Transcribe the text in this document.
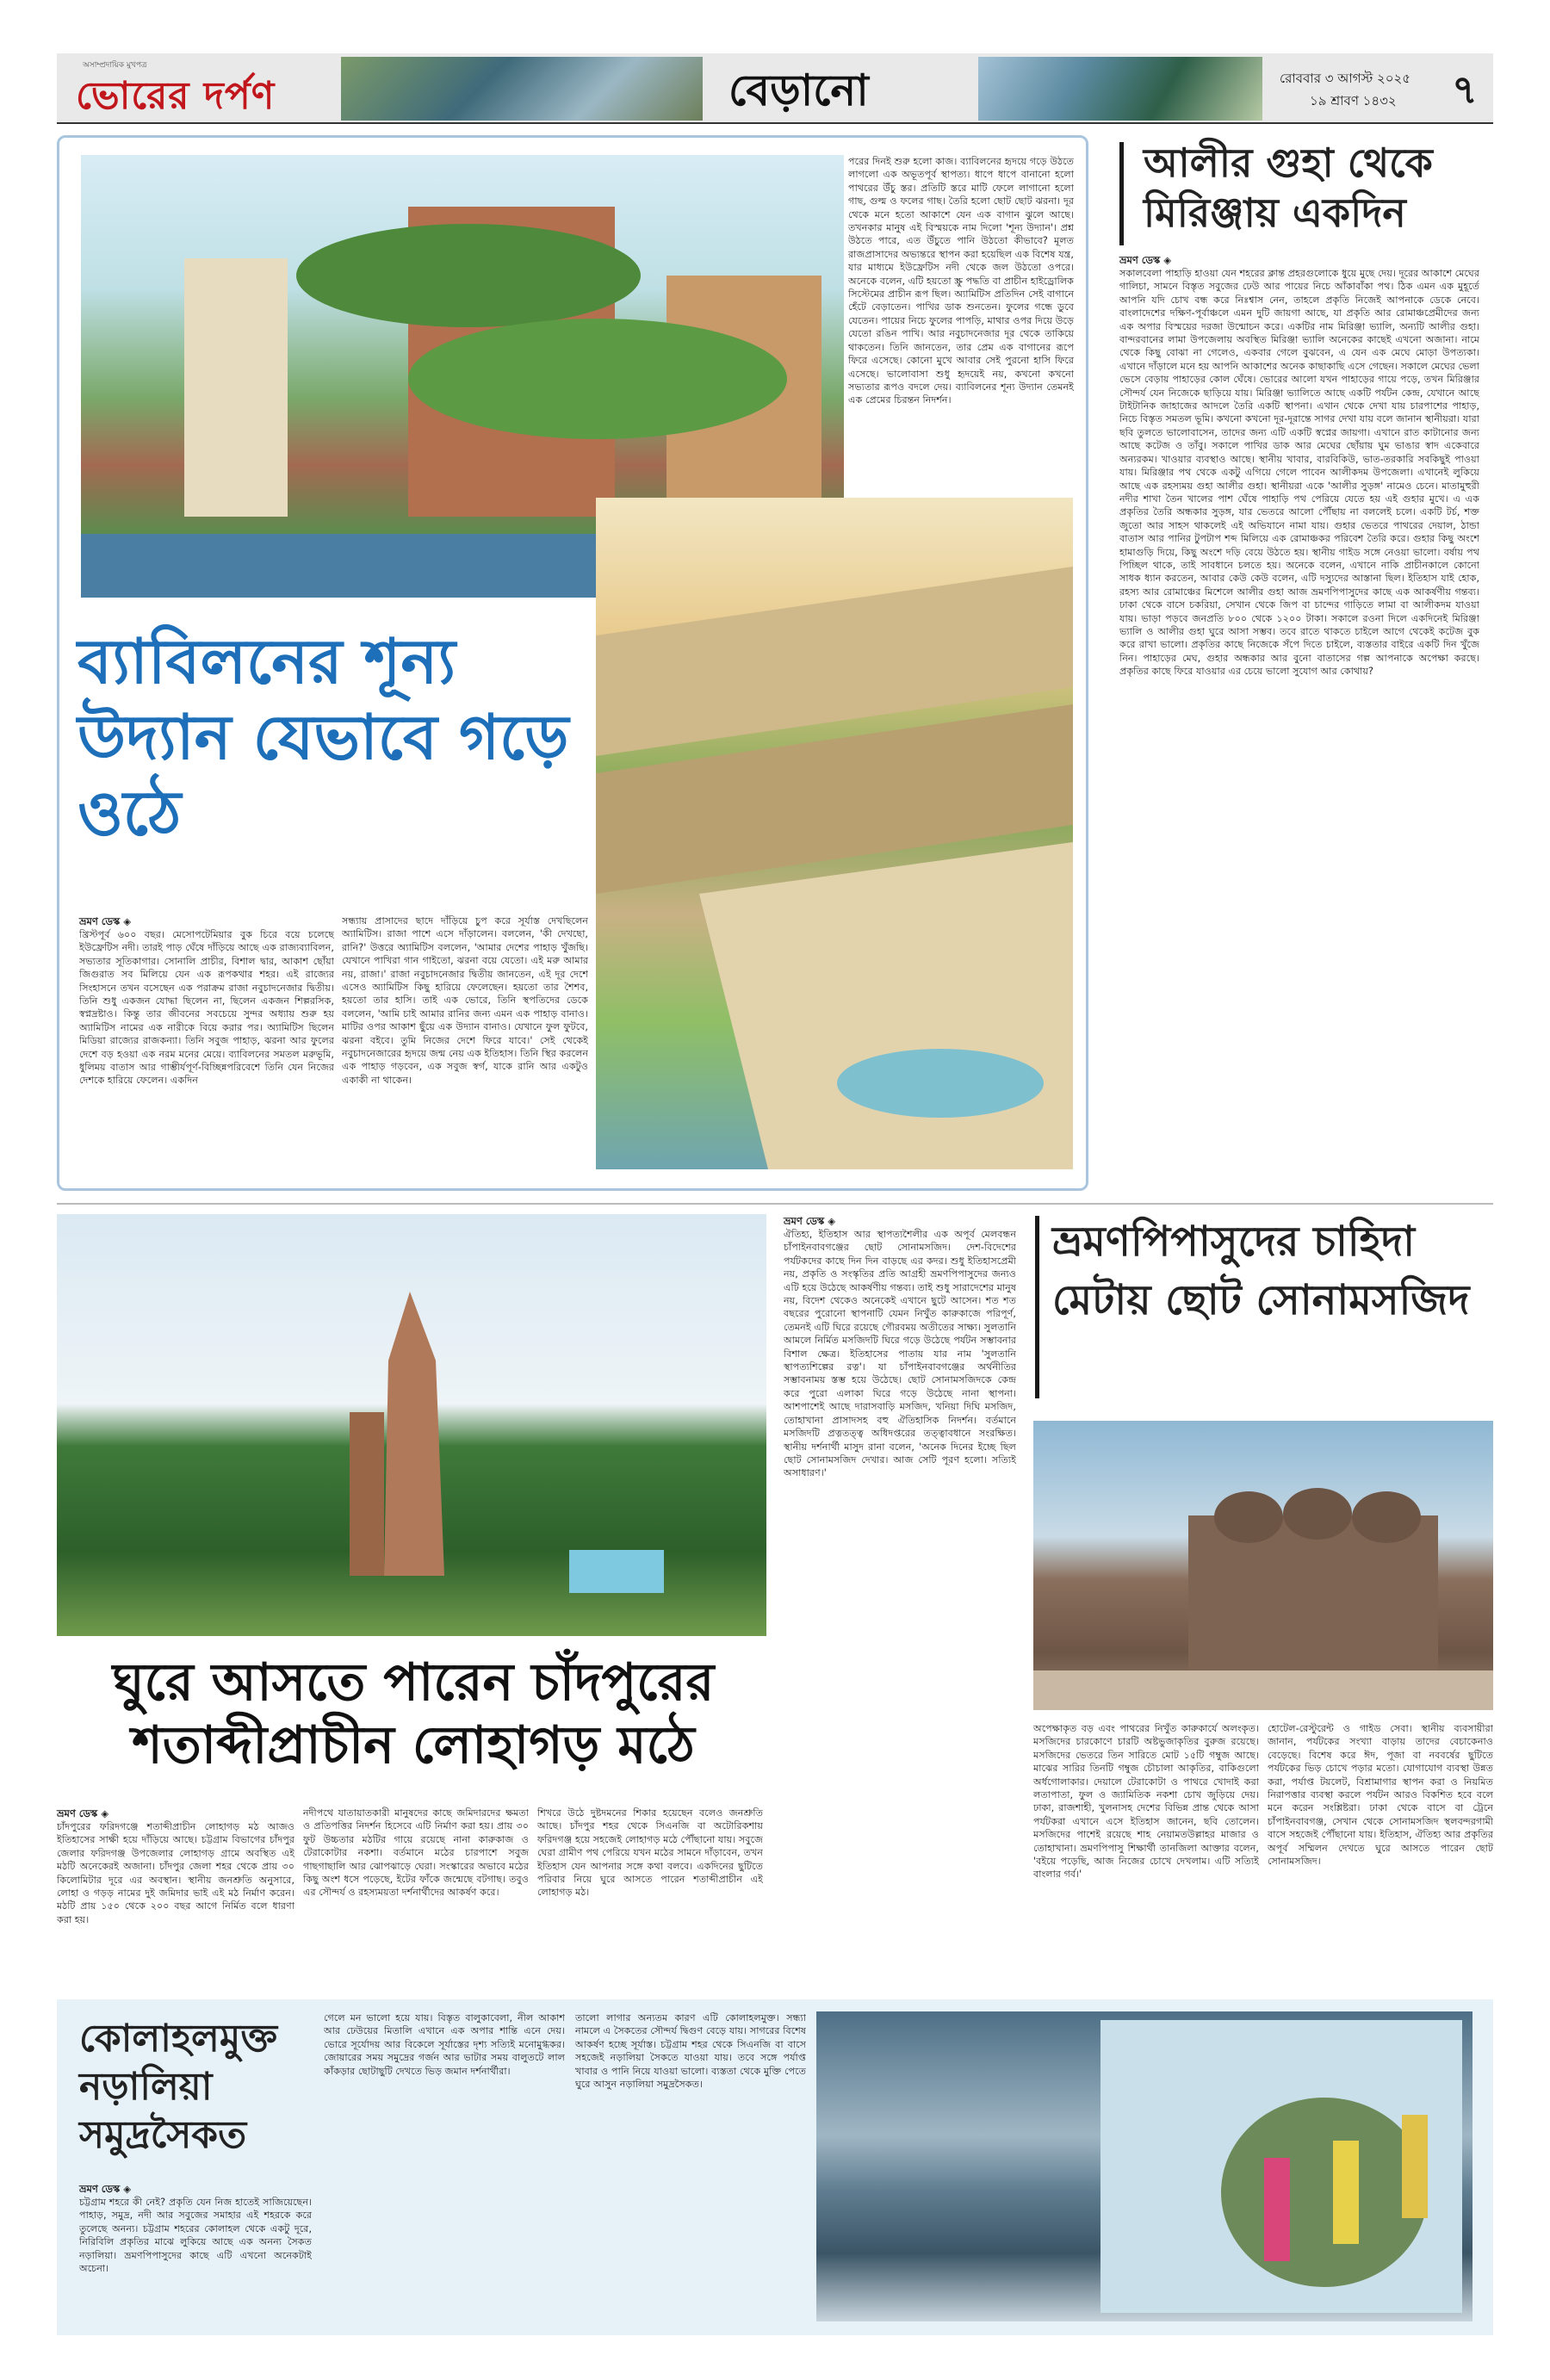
অসাম্প্রদায়িক মুখপত্র
ভোরের দর্পণ	বেড়ানো	রোববার ৩ আগস্ট ২০২৫
১৯ শ্রাবণ ১৪৩২ ৭
পরের দিনই শুরু হলো কাজ। ব্যাবিলনের হৃদয়ে গড়ে উঠতে লাগলো এক অভূতপূর্ব স্থাপত্য। ধাপে ধাপে বানানো হলো পাথরের উঁচু স্তর। প্রতিটি স্তরে মাটি ফেলে লাগানো হলো গাছ, গুল্ম ও ফলের গাছ। তৈরি হলো ছোট ছোট ঝরনা। দূর থেকে মনে হতো আকাশে যেন এক বাগান ঝুলে আছে। তখনকার মানুষ এই বিস্ময়কে নাম দিলো 'শূন্য উদ্যান'। প্রশ্ন উঠতে পারে, এত উঁচুতে পানি উঠতো কীভাবে? মূলত রাজপ্রাসাদের অভ্যন্তরে স্থাপন করা হয়েছিল এক বিশেষ যন্ত্র, যার মাধ্যমে ইউফ্রেটিস নদী থেকে জল উঠতো ওপরে। অনেকে বলেন, এটি হয়তো স্ক্রু পদ্ধতি বা প্রাচীন হাইড্রোলিক সিস্টেমের প্রাচীন রূপ ছিল। অ্যামিটিস প্রতিদিন সেই বাগানে হেঁটে বেড়াতেন। পাখির ডাক শুনতেন। ফুলের গন্ধে ডুবে যেতেন। পায়ের নিচে ফুলের পাপড়ি, মাথার ওপর দিয়ে উড়ে যেতো রঙিন পাখি। আর নবুচাদনেজার দূর থেকে তাকিয়ে থাকতেন। তিনি জানতেন, তার প্রেম এক বাগানের রূপে ফিরে এসেছে। কোনো মুখে আবার সেই পুরনো হাসি ফিরে এসেছে। ভালোবাসা শুধু হৃদয়েই নয়, কখনো কখনো সভ্যতার রূপও বদলে দেয়। ব্যাবিলনের শূন্য উদ্যান তেমনই এক প্রেমের চিরন্তন নিদর্শন।
ব্যাবিলনের শূন্য উদ্যান যেভাবে গড়ে ওঠে
ভ্রমণ ডেস্ক ◈
খ্রিস্টপূর্ব ৬০০ বছর। মেসোপটেমিয়ার বুক চিরে বয়ে চলেছে ইউফ্রেটিস নদী। তারই পাড় ঘেঁষে দাঁড়িয়ে আছে এক রাজ্যব্যাবিলন, সভ্যতার সূতিকাগার। সোনালি প্রাচীর, বিশাল দ্বার, আকাশ ছোঁয়া জিগুরাত সব মিলিয়ে যেন এক রূপকথার শহর। এই রাজ্যের সিংহাসনে তখন বসেছেন এক পরাক্রম রাজা নবুচাদনেজার দ্বিতীয়। তিনি শুধু একজন যোদ্ধা ছিলেন না, ছিলেন একজন শিল্পরসিক, স্বপ্নদ্রষ্টাও। কিন্তু তার জীবনের সবচেয়ে সুন্দর অধ্যায় শুরু হয় অ্যামিটিস নামের এক নারীকে বিয়ে করার পর। অ্যামিটিস ছিলেন মিডিয়া রাজ্যের রাজকন্যা। তিনি সবুজ পাহাড়, ঝরনা আর ফুলের দেশে বড় হওয়া এক নরম মনের মেয়ে। ব্যাবিলনের সমতল মরুভূমি, ধুলিময় বাতাস আর গাম্ভীর্যপূর্ণ-বিচ্ছিন্নপরিবেশে তিনি যেন নিজের দেশকে হারিয়ে ফেলেন। একদিন
সন্ধ্যায় প্রাসাদের ছাদে দাঁড়িয়ে চুপ করে সূর্যাস্ত দেখছিলেন অ্যামিটিস। রাজা পাশে এসে দাঁড়ালেন। বললেন, 'কী দেখছো, রানি?' উত্তরে অ্যামিটিস বললেন, 'আমার দেশের পাহাড় খুঁজছি। যেখানে পাখিরা গান গাইতো, ঝরনা বয়ে যেতো। এই মরু আমার নয়, রাজা।' রাজা নবুচাদনেজার দ্বিতীয় জানতেন, এই দূর দেশে এসেও অ্যামিটিস কিছু হারিয়ে ফেলেছেন। হয়তো তার শৈশব, হয়তো তার হাসি। তাই এক ভোরে, তিনি স্থপতিদের ডেকে বললেন, 'আমি চাই আমার রানির জন্য এমন এক পাহাড় বানাও। মাটির ওপর আকাশ ছুঁয়ে এক উদ্যান বানাও। যেখানে ফুল ফুটবে, ঝরনা বইবে। তুমি নিজের দেশে ফিরে যাবে।' সেই থেকেই নবুচাদনেজারের হৃদয়ে জন্ম নেয় এক ইতিহাস। তিনি স্থির করলেন এক পাহাড় গড়বেন, এক সবুজ স্বর্গ, যাকে রানি আর একটুও একাকী না থাকেন।
আলীর গুহা থেকে মিরিঞ্জায় একদিন
ভ্রমণ ডেস্ক ◈
সকালবেলা পাহাড়ি হাওয়া যেন শহরের ক্লান্ত প্রহরগুলোকে ধুয়ে মুছে দেয়। দূরের আকাশে মেঘের গালিচা, সামনে বিস্তৃত সবুজের ঢেউ আর পায়ের নিচে আঁকাবাঁকা পথ। ঠিক এমন এক মুহূর্তে আপনি যদি চোখ বন্ধ করে নিঃশ্বাস নেন, তাহলে প্রকৃতি নিজেই আপনাকে ডেকে নেবে। বাংলাদেশের দক্ষিণ-পূর্বাঞ্চলে এমন দুটি জায়গা আছে, যা প্রকৃতি আর রোমাঞ্চপ্রেমীদের জন্য এক অপার বিস্ময়ের দরজা উন্মোচন করে। একটির নাম মিরিঞ্জা ভ্যালি, অন্যটি আলীর গুহা। বান্দরবানের লামা উপজেলায় অবস্থিত মিরিঞ্জা ভ্যালি অনেকের কাছেই এখনো অজানা। নামে থেকে কিছু বোঝা না গেলেও, একবার গেলে বুঝবেন, এ যেন এক মেঘে মোড়া উপত্যকা। এখানে দাঁড়ালে মনে হয় আপনি আকাশের অনেক কাছাকাছি এসে গেছেন। সকালে মেঘের ভেলা ভেসে বেড়ায় পাহাড়ের কোল ঘেঁষে। ভোরের আলো যখন পাহাড়ের গায়ে পড়ে, তখন মিরিঞ্জার সৌন্দর্য যেন নিজেকে ছাড়িয়ে যায়। মিরিঞ্জা ভ্যালিতে আছে একটি পর্যটন কেন্দ্র, যেখানে আছে টাইটানিক জাহাজের আদলে তৈরি একটি স্থাপনা। এখান থেকে দেখা যায় চারপাশের পাহাড়, নিচে বিস্তৃত সমতল ভূমি। কখনো কখনো দূর-দূরান্তে সাগর দেখা যায় বলে জানান স্থানীয়রা। যারা ছবি তুলতে ভালোবাসেন, তাদের জন্য এটি একটি স্বপ্নের জায়গা। এখানে রাত কাটানোর জন্য আছে কটেজ ও তাঁবু। সকালে পাখির ডাক আর মেঘের ছোঁয়ায় ঘুম ভাঙার স্বাদ একেবারে অন্যরকম। খাওয়ার ব্যবস্থাও আছে। স্থানীয় খাবার, বারবিকিউ, ভাত-তরকারি সবকিছুই পাওয়া যায়। মিরিঞ্জার পথ থেকে একটু এগিয়ে গেলে পাবেন আলীকদম উপজেলা। এখানেই লুকিয়ে আছে এক রহস্যময় গুহা আলীর গুহা। স্থানীয়রা একে 'আলীর সুড়ঙ্গ' নামেও চেনে। মাতামুহুরী নদীর শাখা তৈন খালের পাশ ঘেঁষে পাহাড়ি পথ পেরিয়ে যেতে হয় এই গুহার মুখে। এ এক প্রকৃতির তৈরি অন্ধকার সুড়ঙ্গ, যার ভেতরে আলো পৌঁছায় না বললেই চলে। একটি টর্চ, শক্ত জুতো আর সাহস থাকলেই এই অভিযানে নামা যায়। গুহার ভেতরে পাথরের দেয়াল, ঠান্ডা বাতাস আর পানির টুপটাপ শব্দ মিলিয়ে এক রোমাঞ্চকর পরিবেশ তৈরি করে। গুহার কিছু অংশে হামাগুড়ি দিয়ে, কিছু অংশে দড়ি বেয়ে উঠতে হয়। স্থানীয় গাইড সঙ্গে নেওয়া ভালো। বর্ষায় পথ পিচ্ছিল থাকে, তাই সাবধানে চলতে হয়। অনেকে বলেন, এখানে নাকি প্রাচীনকালে কোনো সাধক ধ্যান করতেন, আবার কেউ কেউ বলেন, এটি দস্যুদের আস্তানা ছিল। ইতিহাস যাই হোক, রহস্য আর রোমাঞ্চের মিশেলে আলীর গুহা আজ ভ্রমণপিপাসুদের কাছে এক আকর্ষণীয় গন্তব্য। ঢাকা থেকে বাসে চকরিয়া, সেখান থেকে জিপ বা চান্দের গাড়িতে লামা বা আলীকদম যাওয়া যায়। ভাড়া পড়বে জনপ্রতি ৮০০ থেকে ১২০০ টাকা। সকালে রওনা দিলে একদিনেই মিরিঞ্জা ভ্যালি ও আলীর গুহা ঘুরে আসা সম্ভব। তবে রাতে থাকতে চাইলে আগে থেকেই কটেজ বুক করে রাখা ভালো। প্রকৃতির কাছে নিজেকে সঁপে দিতে চাইলে, ব্যস্ততার বাইরে একটি দিন খুঁজে নিন। পাহাড়ের মেঘ, গুহার অন্ধকার আর বুনো বাতাসের গল্প আপনাকে অপেক্ষা করছে। প্রকৃতির কাছে ফিরে যাওয়ার এর চেয়ে ভালো সুযোগ আর কোথায়?
ঘুরে আসতে পারেন চাঁদপুরের শতাব্দীপ্রাচীন লোহাগড় মঠে
ভ্রমণ ডেস্ক ◈
চাঁদপুরের ফরিদগঞ্জে শতাব্দীপ্রাচীন লোহাগড় মঠ আজও ইতিহাসের সাক্ষী হয়ে দাঁড়িয়ে আছে। চট্টগ্রাম বিভাগের চাঁদপুর জেলার ফরিদগঞ্জ উপজেলার লোহাগড় গ্রামে অবস্থিত এই মঠটি অনেকেরই অজানা। চাঁদপুর জেলা শহর থেকে প্রায় ৩০ কিলোমিটার দূরে এর অবস্থান। স্থানীয় জনশ্রুতি অনুসারে, লোহা ও গড়ড় নামের দুই জমিদার ভাই এই মঠ নির্মাণ করেন। মঠটি প্রায় ১৫০ থেকে ২০০ বছর আগে নির্মিত বলে ধারণা করা হয়।
নদীপথে যাতায়াতকারী মানুষদের কাছে জমিদারদের ক্ষমতা ও প্রতিপত্তির নিদর্শন হিসেবে এটি নির্মাণ করা হয়। প্রায় ৩০ ফুট উচ্চতার মঠটির গায়ে রয়েছে নানা কারুকাজ ও টেরাকোটার নকশা। বর্তমানে মঠের চারপাশে সবুজ গাছগাছালি আর ঝোপঝাড়ে ঘেরা। সংস্কারের অভাবে মঠের কিছু অংশ ধসে পড়েছে, ইটের ফাঁকে জন্মেছে বটগাছ। তবুও এর সৌন্দর্য ও রহস্যময়তা দর্শনার্থীদের আকর্ষণ করে।
শিখরে উঠে দুষ্টদমনের শিকার হয়েছেন বলেও জনশ্রুতি আছে। চাঁদপুর শহর থেকে সিএনজি বা অটোরিকশায় ফরিদগঞ্জ হয়ে সহজেই লোহাগড় মঠে পৌঁছানো যায়। সবুজে ঘেরা গ্রামীণ পথ পেরিয়ে যখন মঠের সামনে দাঁড়াবেন, তখন ইতিহাস যেন আপনার সঙ্গে কথা বলবে। একদিনের ছুটিতে পরিবার নিয়ে ঘুরে আসতে পারেন শতাব্দীপ্রাচীন এই লোহাগড় মঠ।
ভ্রমণ ডেস্ক ◈
ঐতিহ্য, ইতিহাস আর স্থাপত্যশৈলীর এক অপূর্ব মেলবন্ধন চাঁপাইনবাবগঞ্জের ছোট সোনামসজিদ। দেশ-বিদেশের পর্যটকদের কাছে দিন দিন বাড়ছে এর কদর। শুধু ইতিহাসপ্রেমী নয়, প্রকৃতি ও সংস্কৃতির প্রতি আগ্রহী ভ্রমণপিপাসুদের জন্যও এটি হয়ে উঠেছে আকর্ষণীয় গন্তব্য। তাই শুধু সারাদেশের মানুষ নয়, বিদেশ থেকেও অনেকেই এখানে ছুটে আসেন। শত শত বছরের পুরোনো স্থাপনাটি যেমন নিখুঁত কারুকাজে পরিপূর্ণ, তেমনই এটি ঘিরে রয়েছে গৌরবময় অতীতের সাক্ষ্য। সুলতানি আমলে নির্মিত মসজিদটি ঘিরে গড়ে উঠেছে পর্যটন সম্ভাবনার বিশাল ক্ষেত্র। ইতিহাসের পাতায় যার নাম 'সুলতানি স্থাপত্যশিল্পের রত্ন'। যা চাঁপাইনবাবগঞ্জের অর্থনীতির সম্ভাবনাময় স্তম্ভ হয়ে উঠেছে। ছোট সোনামসজিদকে কেন্দ্র করে পুরো এলাকা ঘিরে গড়ে উঠেছে নানা স্থাপনা। আশপাশেই আছে দারাসবাড়ি মসজিদ, খনিয়া দিঘি মসজিদ, তোহাখানা প্রাসাদসহ বহু ঐতিহাসিক নিদর্শন। বর্তমানে মসজিদটি প্রত্নতত্ত্ব অধিদপ্তরের তত্ত্বাবধানে সংরক্ষিত। স্থানীয় দর্শনার্থী মাসুদ রানা বলেন, 'অনেক দিনের ইচ্ছে ছিল ছোট সোনামসজিদ দেখার। আজ সেটি পূরণ হলো। সত্যিই অসাধারণ।'
ভ্রমণপিপাসুদের চাহিদা মেটায় ছোট সোনামসজিদ
অপেক্ষাকৃত বড় এবং পাথরের নিখুঁত কারুকার্যে অলংকৃত। মসজিদের চারকোণে চারটি অষ্টভুজাকৃতির বুরুজ রয়েছে। মসজিদের ভেতরে তিন সারিতে মোট ১৫টি গম্বুজ আছে। মাঝের সারির তিনটি গম্বুজ চৌচালা আকৃতির, বাকিগুলো অর্ধগোলাকার। দেয়ালে টেরাকোটা ও পাথরে খোদাই করা লতাপাতা, ফুল ও জ্যামিতিক নকশা চোখ জুড়িয়ে দেয়। ঢাকা, রাজশাহী, খুলনাসহ দেশের বিভিন্ন প্রান্ত থেকে আসা পর্যটকরা এখানে এসে ইতিহাস জানেন, ছবি তোলেন। মসজিদের পাশেই রয়েছে শাহ নেয়ামতউল্লাহর মাজার ও তোহাখানা। ভ্রমণপিপাসু শিক্ষার্থী তানজিলা আক্তার বলেন, 'বইয়ে পড়েছি, আজ নিজের চোখে দেখলাম। এটি সত্যিই বাংলার গর্ব।'
হোটেল-রেস্টুরেন্ট ও গাইড সেবা। স্থানীয় ব্যবসায়ীরা জানান, পর্যটকের সংখ্যা বাড়ায় তাদের বেচাকেনাও বেড়েছে। বিশেষ করে ঈদ, পূজা বা নববর্ষের ছুটিতে পর্যটকের ভিড় চোখে পড়ার মতো। যোগাযোগ ব্যবস্থা উন্নত করা, পর্যাপ্ত টয়লেট, বিশ্রামাগার স্থাপন করা ও নিয়মিত নিরাপত্তার ব্যবস্থা করলে পর্যটন আরও বিকশিত হবে বলে মনে করেন সংশ্লিষ্টরা। ঢাকা থেকে বাসে বা ট্রেনে চাঁপাইনবাবগঞ্জ, সেখান থেকে সোনামসজিদ স্থলবন্দরগামী বাসে সহজেই পৌঁছানো যায়। ইতিহাস, ঐতিহ্য আর প্রকৃতির অপূর্ব সম্মিলন দেখতে ঘুরে আসতে পারেন ছোট সোনামসজিদ।
কোলাহলমুক্ত নড়ালিয়া সমুদ্রসৈকত
ভ্রমণ ডেস্ক ◈
চট্টগ্রাম শহরে কী নেই? প্রকৃতি যেন নিজ হাতেই সাজিয়েছেন। পাহাড়, সমুদ্র, নদী আর সবুজের সমাহার এই শহরকে করে তুলেছে অনন্য। চট্টগ্রাম শহরের কোলাহল থেকে একটু দূরে, নিরিবিলি প্রকৃতির মাঝে লুকিয়ে আছে এক অনন্য সৈকত নড়ালিয়া। ভ্রমণপিপাসুদের কাছে এটি এখনো অনেকটাই অচেনা।
গেলে মন ভালো হয়ে যায়। বিস্তৃত বালুকাবেলা, নীল আকাশ আর ঢেউয়ের মিতালি এখানে এক অপার শান্তি এনে দেয়। ভোরে সূর্যোদয় আর বিকেলে সূর্যাস্তের দৃশ্য সত্যিই মনোমুগ্ধকর। জোয়ারের সময় সমুদ্রের গর্জন আর ভাটার সময় বালুতটে লাল কাঁকড়ার ছোটাছুটি দেখতে ভিড় জমান দর্শনার্থীরা।
তালো লাগার অন্যতম কারণ এটি কোলাহলমুক্ত। সন্ধ্যা নামলে এ সৈকতের সৌন্দর্য দ্বিগুণ বেড়ে যায়। সাগরের বিশেষ আকর্ষণ হচ্ছে সূর্যাস্ত। চট্টগ্রাম শহর থেকে সিএনজি বা বাসে সহজেই নড়ালিয়া সৈকতে যাওয়া যায়। তবে সঙ্গে পর্যাপ্ত খাবার ও পানি নিয়ে যাওয়া ভালো। ব্যস্ততা থেকে মুক্তি পেতে ঘুরে আসুন নড়ালিয়া সমুদ্রসৈকত।
